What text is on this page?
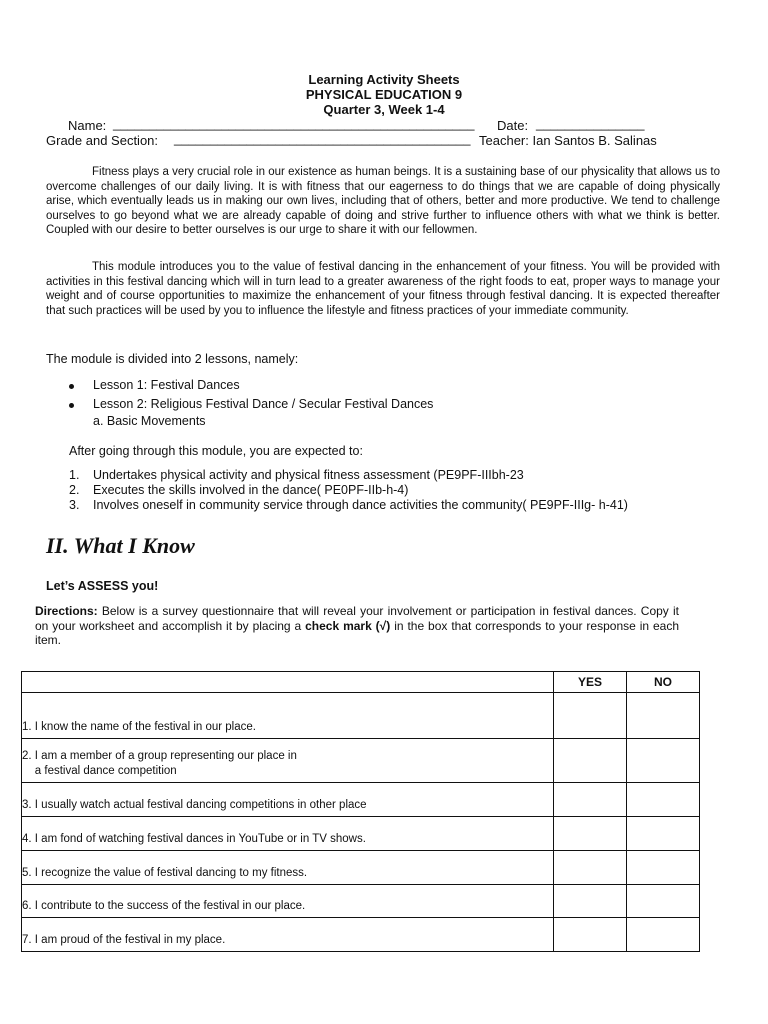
Learning Activity Sheets
PHYSICAL EDUCATION 9
Quarter 3, Week 1-4
Name: __________________________________________________ Date: _______________
Grade and Section: _________________________________________ Teacher: Ian Santos B. Salinas
Fitness plays a very crucial role in our existence as human beings. It is a sustaining base of our physicality that allows us to overcome challenges of our daily living. It is with fitness that our eagerness to do things that we are capable of doing physically arise, which eventually leads us in making our own lives, including that of others, better and more productive. We tend to challenge ourselves to go beyond what we are already capable of doing and strive further to influence others with what we think is better. Coupled with our desire to better ourselves is our urge to share it with our fellowmen.
This module introduces you to the value of festival dancing in the enhancement of your fitness. You will be provided with activities in this festival dancing which will in turn lead to a greater awareness of the right foods to eat, proper ways to manage your weight and of course opportunities to maximize the enhancement of your fitness through festival dancing. It is expected thereafter that such practices will be used by you to influence the lifestyle and fitness practices of your immediate community.
The module is divided into 2 lessons, namely:
Lesson 1: Festival Dances
Lesson 2: Religious Festival Dance / Secular Festival Dances
a. Basic Movements
After going through this module, you are expected to:
1. Undertakes physical activity and physical fitness assessment (PE9PF-IIIbh-23
2. Executes the skills involved in the dance( PE0PF-IIb-h-4)
3. Involves oneself in community service through dance activities the community( PE9PF-IIIg- h-41)
II. What I Know
Let’s ASSESS you!
Directions: Below is a survey questionnaire that will reveal your involvement or participation in festival dances. Copy it on your worksheet and accomplish it by placing a check mark (√) in the box that corresponds to your response in each item.
	YES	NO
1. I know the name of the festival in our place.		
2. I am a member of a group representing our place in
a festival dance competition		
3. I usually watch actual festival dancing competitions in other place		
4. I am fond of watching festival dances in YouTube or in TV shows.		
5. I recognize the value of festival dancing to my fitness.		
6. I contribute to the success of the festival in our place.		
7. I am proud of the festival in my place.		
